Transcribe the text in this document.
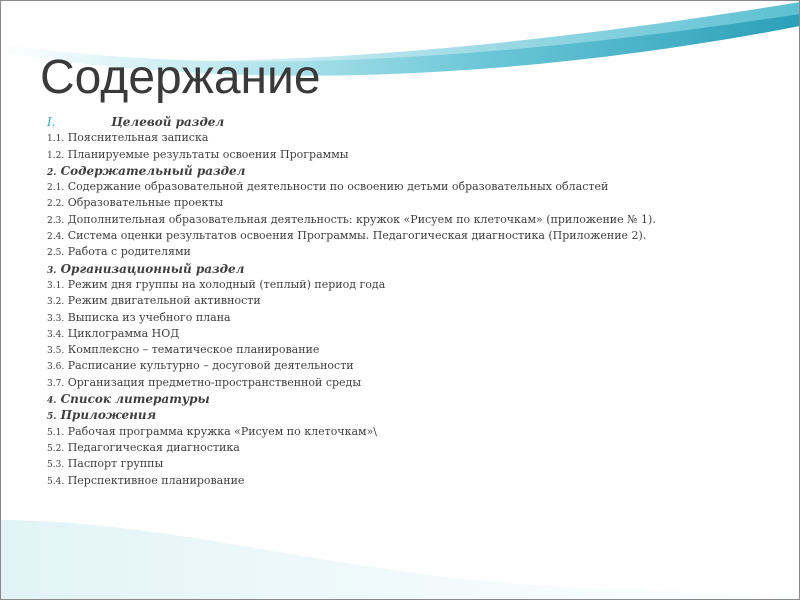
Содержание
I.	Целевой раздел
1.1. Пояснительная записка
1.2. Планируемые результаты освоения Программы
2. Содержательный раздел
2.1. Содержание образовательной деятельности по освоению детьми образовательных областей
2.2. Образовательные проекты
2.3. Дополнительная образовательная деятельность: кружок «Рисуем по клеточкам» (приложение № 1).
2.4. Система оценки результатов освоения Программы. Педагогическая диагностика (Приложение 2).
2.5. Работа с родителями
3. Организационный раздел
3.1. Режим дня группы на холодный (теплый) период года
3.2. Режим двигательной активности
3.3. Выписка из учебного плана
3.4. Циклограмма НОД
3.5. Комплексно – тематическое планирование
3.6. Расписание культурно – досуговой деятельности
3.7. Организация предметно-пространственной среды
4. Список литературы
5. Приложения
5.1. Рабочая программа кружка «Рисуем по клеточкам»\
5.2. Педагогическая диагностика
5.3. Паспорт группы
5.4. Перспективное планирование
